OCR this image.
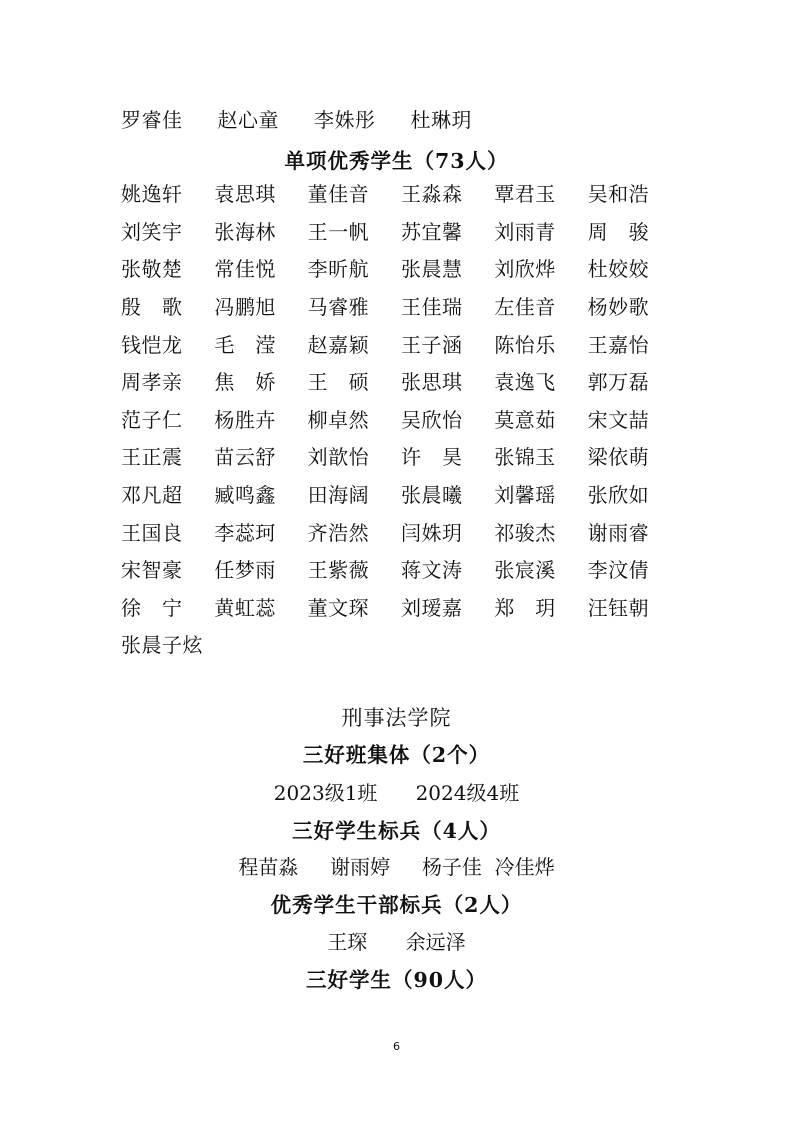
罗睿佳	赵心童	李姝彤	杜琳玥
单项优秀学生（73人）
姚逸轩	袁思琪	董佳音	王淼森	覃君玉	吴和浩
刘笑宇	张海林	王一帆	苏宜馨	刘雨青	周　骏
张敬楚	常佳悦	李昕航	张晨慧	刘欣烨	杜姣姣
殷　歌	冯鹏旭	马睿雅	王佳瑞	左佳音	杨妙歌
钱恺龙	毛　滢	赵嘉颖	王子涵	陈怡乐	王嘉怡
周孝亲	焦　娇	王　硕	张思琪	袁逸飞	郭万磊
范子仁	杨胜卉	柳卓然	吴欣怡	莫意茹	宋文喆
王正震	苗云舒	刘歆怡	许　昊	张锦玉	梁依萌
邓凡超	臧鸣鑫	田海阔	张晨曦	刘馨瑶	张欣如
王国良	李蕊珂	齐浩然	闫姝玥	祁骏杰	谢雨睿
宋智豪	任梦雨	王紫薇	蒋文涛	张宸溪	李汶倩
徐　宁	黄虹蕊	董文琛	刘瑷嘉	郑　玥	汪钰朝
张晨子炫
刑事法学院
三好班集体（2个）
2023级1班 2024级4班
三好学生标兵（4人）
程苗淼 谢雨婷 杨子佳 冷佳烨
优秀学生干部标兵（2人）
王琛 余远泽
三好学生（90人）
6
